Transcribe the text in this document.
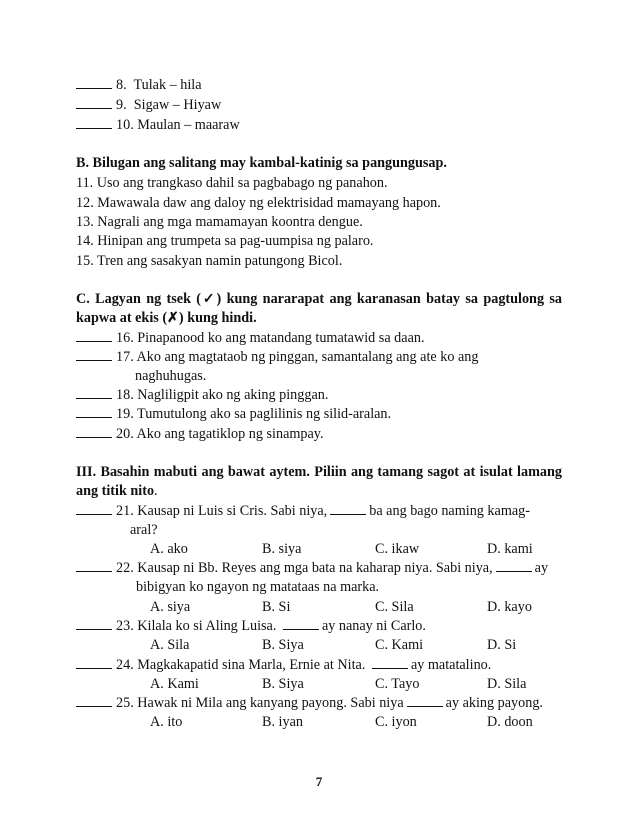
8. Tulak – hila
9. Sigaw – Hiyaw
10. Maulan – maaraw
B. Bilugan ang salitang may kambal-katinig sa pangungusap.
11. Uso ang trangkaso dahil sa pagbabago ng panahon.
12. Mawawala daw ang daloy ng elektrisidad mamayang hapon.
13. Nagrali ang mga mamamayan koontra dengue.
14. Hinipan ang trumpeta sa pag-uumpisa ng palaro.
15. Tren ang sasakyan namin patungong Bicol.
C. Lagyan ng tsek (✓) kung nararapat ang karanasan batay sa pagtulong sa
kapwa at ekis (✗) kung hindi.
16. Pinapanood ko ang matandang tumatawid sa daan.
17. Ako ang magtataob ng pinggan, samantalang ang ate ko ang
naghuhugas.
18. Nagliligpit ako ng aking pinggan.
19. Tumutulong ako sa paglilinis ng silid-aralan.
20. Ako ang tagatiklop ng sinampay.
III. Basahin mabuti ang bawat aytem. Piliin ang tamang sagot at isulat lamang
ang titik nito.
21. Kausap ni Luis si Cris. Sabi niya,	ba ang bago naming kamag-
aral?
A. ako	B. siya	C. ikaw	D. kami
22. Kausap ni Bb. Reyes ang mga bata na kaharap niya. Sabi niya,	ay
bibigyan ko ngayon ng matataas na marka.
A. siya	B. Si	C. Sila	D. kayo
23. Kilala ko si Aling Luisa.	ay nanay ni Carlo.
A. Sila	B. Siya	C. Kami	D. Si
24. Magkakapatid sina Marla, Ernie at Nita.	ay matatalino.
A. Kami	B. Siya	C. Tayo	D. Sila
25. Hawak ni Mila ang kanyang payong. Sabi niya	ay aking payong.
A. ito	B. iyan	C. iyon	D. doon
7
